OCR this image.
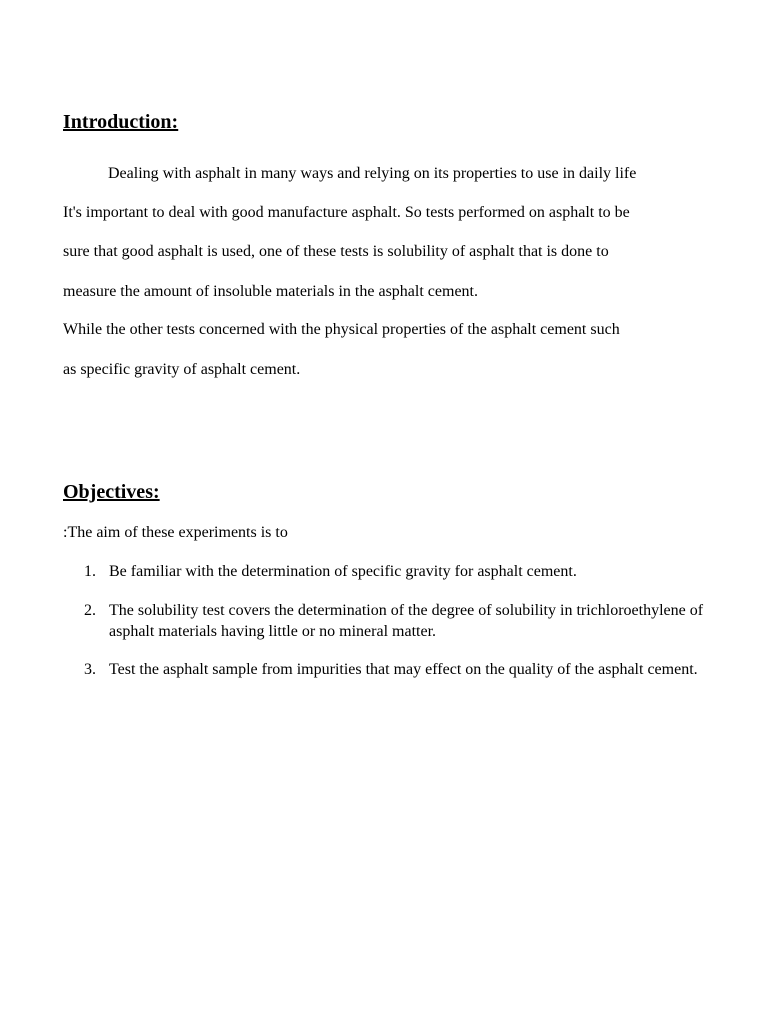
Introduction:
Dealing with asphalt in many ways and relying on its properties to use in daily life
It's important to deal with good manufacture asphalt. So tests performed on asphalt to be
sure that good asphalt is used, one of these tests is solubility of asphalt that is done to
measure the amount of insoluble materials in the asphalt cement.
While the other tests concerned with the physical properties of the asphalt cement such
as specific gravity of asphalt cement.
Objectives:
:The aim of these experiments is to
1. Be familiar with the determination of specific gravity for asphalt cement.
2. The solubility test covers the determination of the degree of solubility in trichloroethylene of asphalt materials having little or no mineral matter.
3. Test the asphalt sample from impurities that may effect on the quality of the asphalt cement.
